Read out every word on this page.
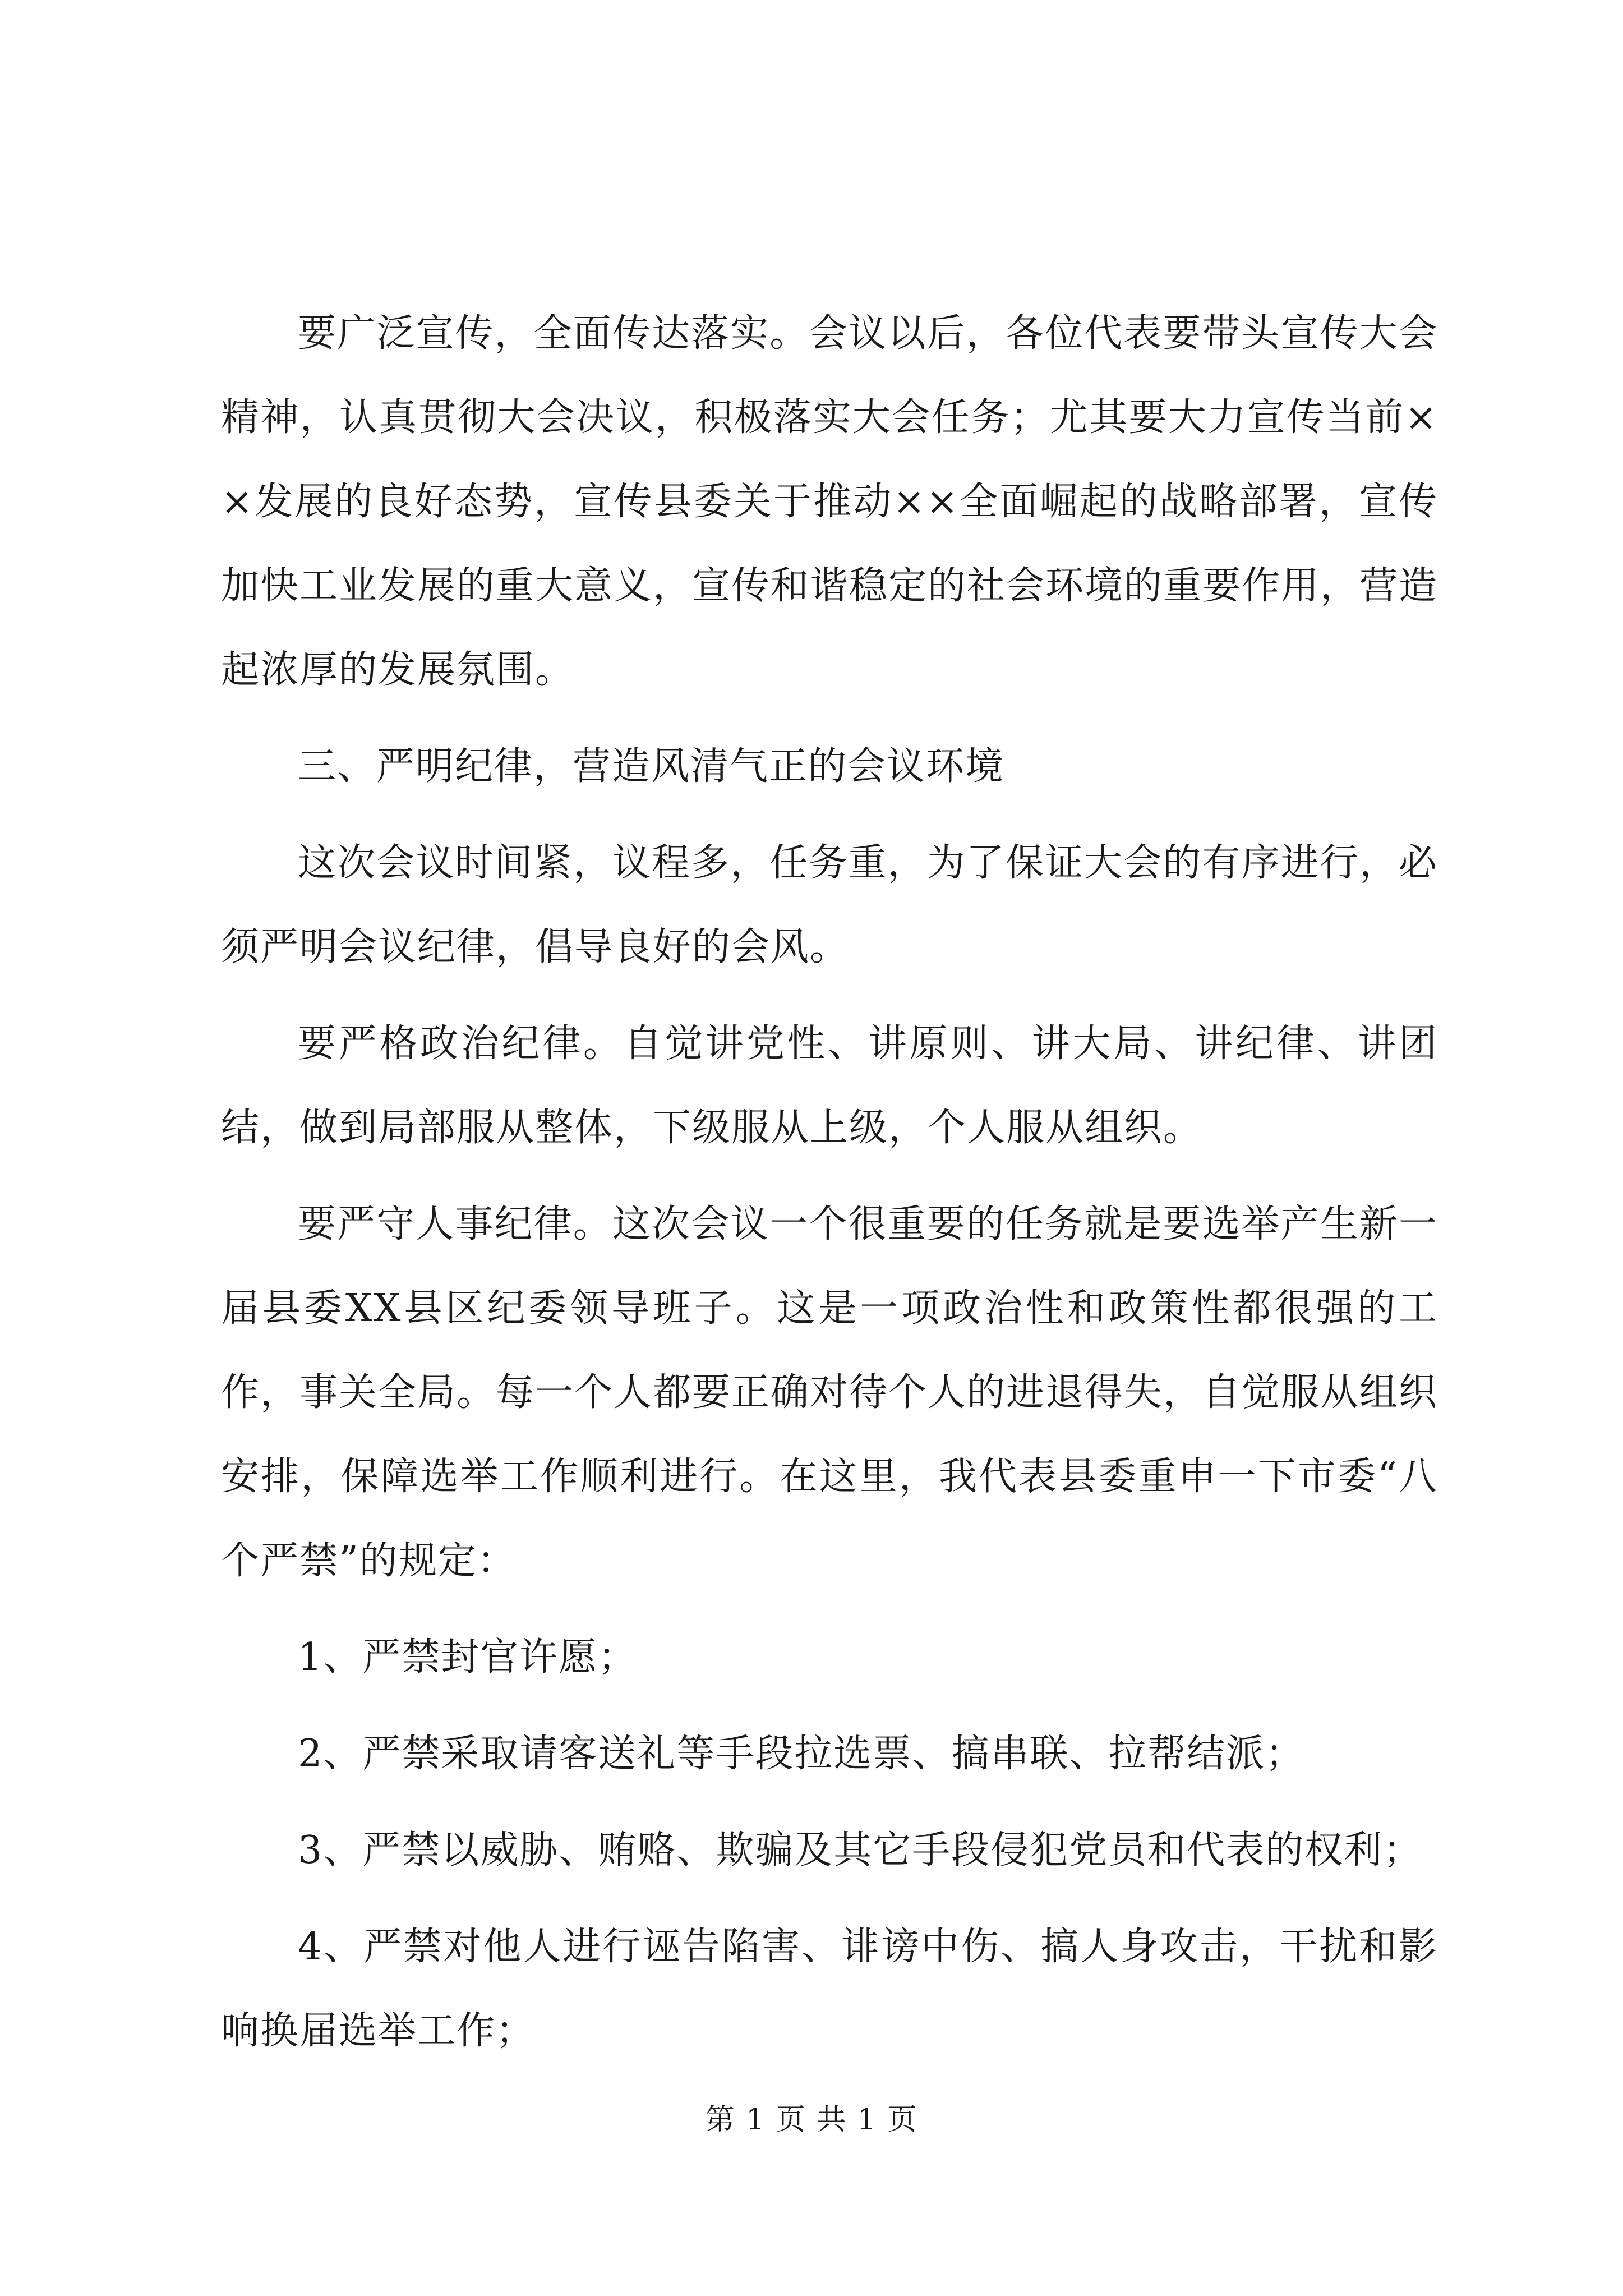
要广泛宣传，全面传达落实。会议以后，各位代表要带头宣传大会精神，认真贯彻大会决议，积极落实大会任务；尤其要大力宣传当前××发展的良好态势，宣传县委关于推动××全面崛起的战略部署，宣传加快工业发展的重大意义，宣传和谐稳定的社会环境的重要作用，营造起浓厚的发展氛围。

三、严明纪律，营造风清气正的会议环境

这次会议时间紧，议程多，任务重，为了保证大会的有序进行，必须严明会议纪律，倡导良好的会风。

要严格政治纪律。自觉讲党性、讲原则、讲大局、讲纪律、讲团结，做到局部服从整体，下级服从上级，个人服从组织。

要严守人事纪律。这次会议一个很重要的任务就是要选举产生新一届县委XX县区纪委领导班子。这是一项政治性和政策性都很强的工作，事关全局。每一个人都要正确对待个人的进退得失，自觉服从组织安排，保障选举工作顺利进行。在这里，我代表县委重申一下市委“八个严禁”的规定：

1、严禁封官许愿；

2、严禁采取请客送礼等手段拉选票、搞串联、拉帮结派；

3、严禁以威胁、贿赂、欺骗及其它手段侵犯党员和代表的权利；

4、严禁对他人进行诬告陷害、诽谤中伤、搞人身攻击，干扰和影响换届选举工作；

第 1 页 共 1 页
